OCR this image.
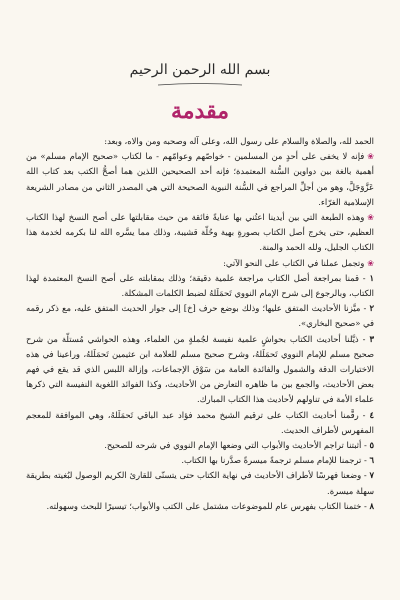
بسم الله الرحمن الرحيم
مقدمة

الحمد لله، والصلاة والسلام على رسول الله، وعلى آله وصحبه ومن والاه، وبعد:

❀فإنه لا يخفى على أحدٍ من المسلمين - خواصّهم وعوامّهم - ما لكتاب «صحيح الإمام مسلم» من أهمية بالغة بين دواوين السُّنة المعتمدة؛ فإنه أحد الصحيحين اللذين هما أصحُّ الكتب بعد كتاب الله عَزَّوَجَلَّ، وهو من أجلِّ المراجع في السُّنة النبوية الصحيحة التي هي المصدر الثاني من مصادر الشريعة الإسلامية الغرّاء.

❀وهذه الطبعة التي بين أيدينا اعتُني بها عنايةً فائقة من حيث مقابلتها على أصح النسخ لهذا الكتاب العظيم، حتى يخرج أصل الكتاب بصورةٍ بهية وحُلّة قشيبة، وذلك مما يسَّره الله لنا بكرمه لخدمة هذا الكتاب الجليل، ولله الحمد والمنة.

❀وتجمل عملنا في الكتاب على النحو الآتي:

١ - قمنا بمراجعة أصل الكتاب مراجعة علمية دقيقة؛ وذلك بمقابلته على أصح النسخ المعتمدة لهذا الكتاب، وبالرجوع إلى شرح الإمام النووي تَحمَلَلهُ لضبط الكلمات المشكلة.

٢ - ميَّزنا الأحاديث المتفق عليها؛ وذلك بوضع حرف [خ] إلى جوار الحديث المتفق عليه، مع ذكر رقمه في «صحيح البخاري».

٣ - ذيَّلنا أحاديث الكتاب بحواشٍ علمية نفيسة لجُملةٍ من العلماء، وهذه الحواشي مُستلّة من شرح صحيح مسلم للإمام النووي تَحمَلَلهُ، وشرح صحيح مسلم للعلامة ابن عثيمين تَحمَلَلهُ، وراعينا في هذه الاختيارات الدقة والشمول والفائدة العامة من سَوْق الإجماعات، وإزالة اللبس الذي قد يقع في فهم بعض الأحاديث، والجمع بين ما ظاهره التعارض من الأحاديث، وكذا الفوائد اللغوية النفيسة التي ذكرها علماء الأمة في تناولهم لأحاديث هذا الكتاب المبارك.

٤ - رقَّمنا أحاديث الكتاب على ترقيم الشيخ محمد فؤاد عبد الباقي تَحمَلَلهُ، وهي الموافقة للمعجم المفهرس لأطراف الحديث.

٥ - أثبتنا تراجم الأحاديث والأبواب التي وضعها الإمام النووي في شرحه للصحيح.

٦ - ترجمنا للإمام مسلم ترجمةً ميسرةً صدَّرنا بها الكتاب.

٧ - وضعنا فهرسًا لأطراف الأحاديث في نهاية الكتاب حتى يتسنّى للقارئ الكريم الوصول لبُغيته بطريقة سهلة ميسرة.

٨ - ختمنا الكتاب بفهرس عام للموضوعات مشتمل على الكتب والأبواب؛ تيسيرًا للبحث وسهولته.
